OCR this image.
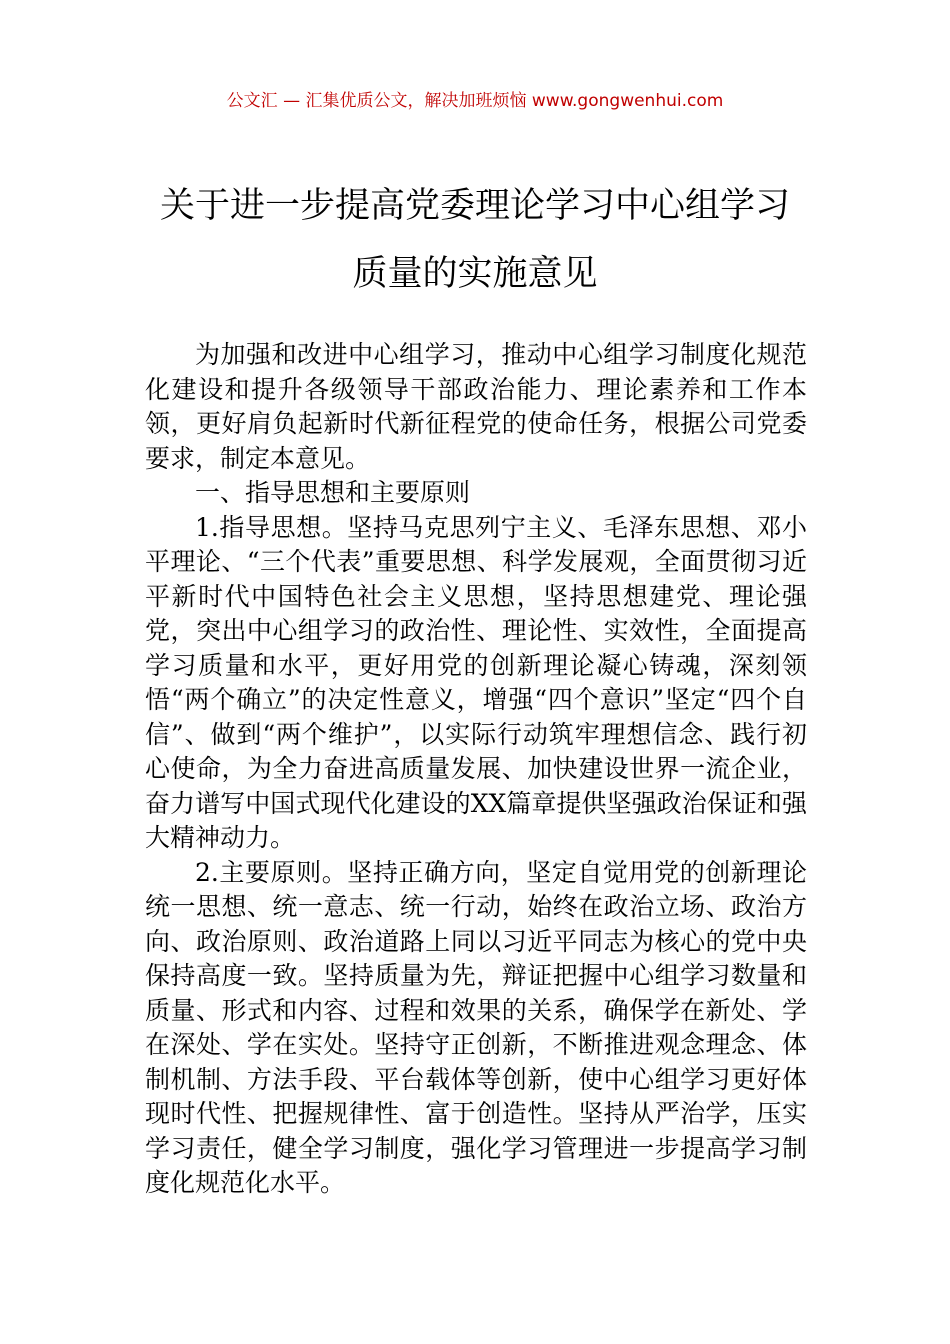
公文汇 — 汇集优质公文，解决加班烦恼 www.gongwenhui.com
关于进一步提高党委理论学习中心组学习
质量的实施意见

为加强和改进中心组学习，推动中心组学习制度化规范化建设和提升各级领导干部政治能力、理论素养和工作本领，更好肩负起新时代新征程党的使命任务，根据公司党委要求，制定本意见。

一、指导思想和主要原则

1.指导思想。坚持马克思列宁主义、毛泽东思想、邓小平理论、“三个代表”重要思想、科学发展观，全面贯彻习近平新时代中国特色社会主义思想，坚持思想建党、理论强党，突出中心组学习的政治性、理论性、实效性，全面提高学习质量和水平，更好用党的创新理论凝心铸魂，深刻领悟“两个确立”的决定性意义，增强“四个意识”坚定“四个自信”、做到“两个维护”，以实际行动筑牢理想信念、践行初心使命，为全力奋进高质量发展、加快建设世界一流企业，奋力谱写中国式现代化建设的XX篇章提供坚强政治保证和强大精神动力。

2.主要原则。坚持正确方向，坚定自觉用党的创新理论统一思想、统一意志、统一行动，始终在政治立场、政治方向、政治原则、政治道路上同以习近平同志为核心的党中央保持高度一致。坚持质量为先，辩证把握中心组学习数量和质量、形式和内容、过程和效果的关系，确保学在新处、学在深处、学在实处。坚持守正创新，不断推进观念理念、体制机制、方法手段、平台载体等创新，使中心组学习更好体现时代性、把握规律性、富于创造性。坚持从严治学，压实学习责任，健全学习制度，强化学习管理进一步提高学习制度化规范化水平。
